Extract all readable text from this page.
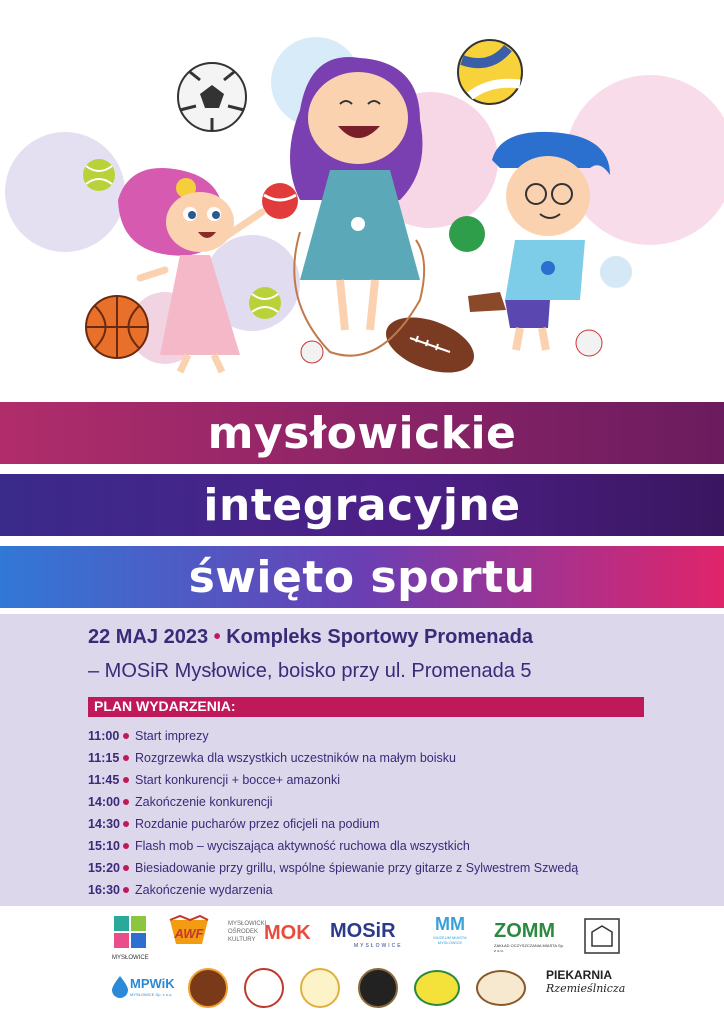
mysłowickie
integracyjne
święto sportu
22 MAJ 2023 • Kompleks Sportowy Promenada
– MOSiR Mysłowice, boisko przy ul. Promenada 5
PLAN WYDARZENIA:
11:00 Start imprezy
11:15 Rozgrzewka dla wszystkich uczestników na małym boisku
11:45 Start konkurencji + bocce+ amazonki
14:00 Zakończenie konkurencji
14:30 Rozdanie pucharów przez oficjeli na podium
15:10 Flash mob – wyciszająca aktywność ruchowa dla wszystkich
15:20 Biesiadowanie przy grillu, wspólne śpiewanie przy gitarze z Sylwestrem Szwedą
16:30 Zakończenie wydarzenia
MYSŁOWICE
AWF
MYSŁOWICKI
OŚRODEK
KULTURY MOK MOSiR
MYSŁOWICE
MM
MUZEUM MIASTA MYSŁOWICE
ZOMM
ZAKŁAD OCZYSZCZANIA MIASTA Sp. z o.o.
MPWiK
MYSŁOWICE Sp. z o.o.
PIEKARNIA
Rzemieślnicza
